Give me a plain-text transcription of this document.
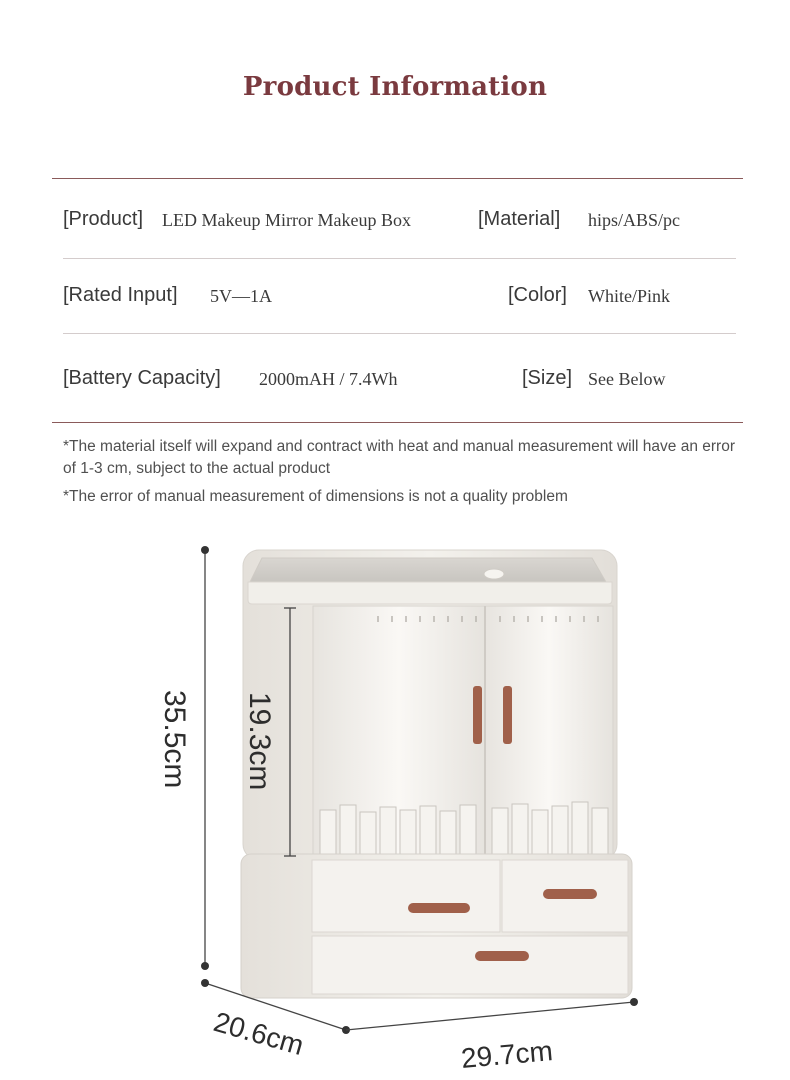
Product Information
[Product] LED Makeup Mirror Makeup Box	[Material] hips/ABS/pc
[Rated Input] 5V—1A	[Color] White/Pink
[Battery Capacity] 2000mAH / 7.4Wh	[Size] See Below
*The material itself will expand and contract with heat and manual measurement will have an error of 1-3 cm, subject to the actual product
*The error of manual measurement of dimensions is not a quality problem
35.5cm 19.3cm
20.6cm	29.7cm
